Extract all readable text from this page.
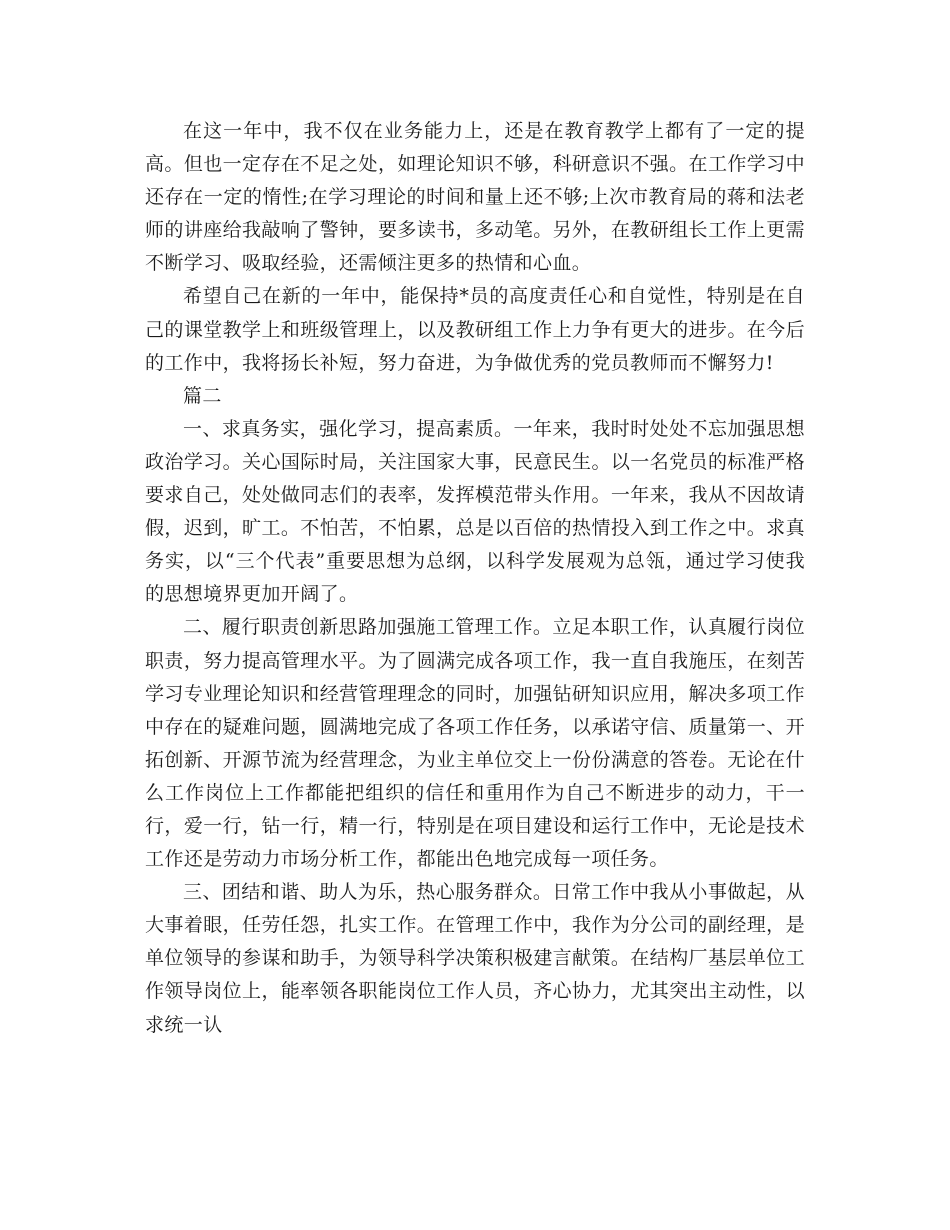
在这一年中，我不仅在业务能力上，还是在教育教学上都有了一定的提高。但也一定存在不足之处，如理论知识不够，科研意识不强。在工作学习中还存在一定的惰性;在学习理论的时间和量上还不够;上次市教育局的蒋和法老师的讲座给我敲响了警钟，要多读书，多动笔。另外，在教研组长工作上更需不断学习、吸取经验，还需倾注更多的热情和心血。

希望自己在新的一年中，能保持*员的高度责任心和自觉性，特别是在自己的课堂教学上和班级管理上，以及教研组工作上力争有更大的进步。在今后的工作中，我将扬长补短，努力奋进，为争做优秀的党员教师而不懈努力!

篇二

一、求真务实，强化学习，提高素质。一年来，我时时处处不忘加强思想政治学习。关心国际时局，关注国家大事，民意民生。以一名党员的标准严格要求自己，处处做同志们的表率，发挥模范带头作用。一年来，我从不因故请假，迟到，旷工。不怕苦，不怕累，总是以百倍的热情投入到工作之中。求真务实，以“三个代表”重要思想为总纲，以科学发展观为总瓴，通过学习使我的思想境界更加开阔了。

二、履行职责创新思路加强施工管理工作。立足本职工作，认真履行岗位职责，努力提高管理水平。为了圆满完成各项工作，我一直自我施压，在刻苦学习专业理论知识和经营管理理念的同时，加强钻研知识应用，解决多项工作中存在的疑难问题，圆满地完成了各项工作任务，以承诺守信、质量第一、开拓创新、开源节流为经营理念，为业主单位交上一份份满意的答卷。无论在什么工作岗位上工作都能把组织的信任和重用作为自己不断进步的动力，干一行，爱一行，钻一行，精一行，特别是在项目建设和运行工作中，无论是技术工作还是劳动力市场分析工作，都能出色地完成每一项任务。

三、团结和谐、助人为乐，热心服务群众。日常工作中我从小事做起，从大事着眼，任劳任怨，扎实工作。在管理工作中，我作为分公司的副经理，是单位领导的参谋和助手，为领导科学决策积极建言献策。在结构厂基层单位工作领导岗位上，能率领各职能岗位工作人员，齐心协力，尤其突出主动性，以求统一认
